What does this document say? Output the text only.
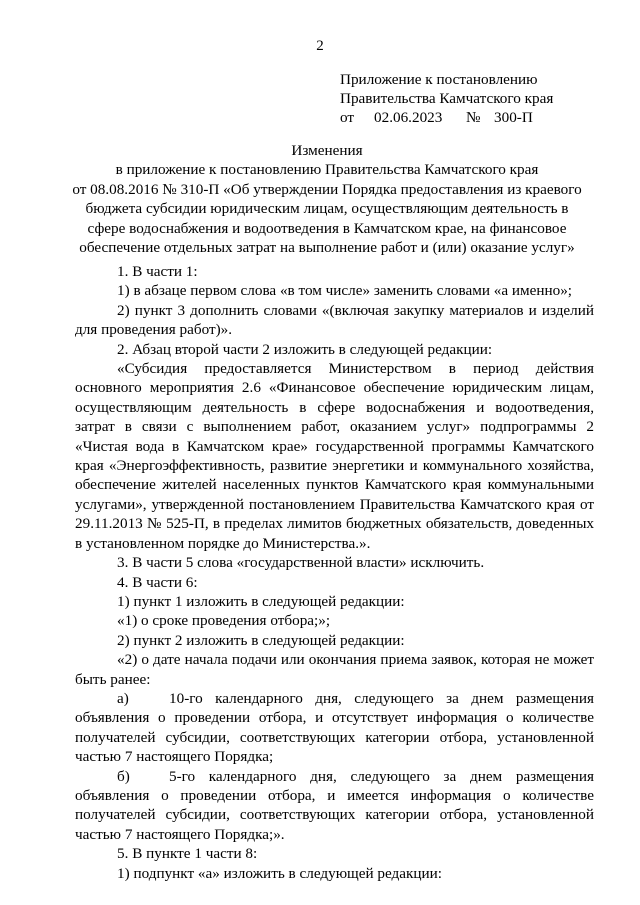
2
Приложение к постановлению
Правительства Камчатского края
от 02.06.2023 № 300-П
Изменения
в приложение к постановлению Правительства Камчатского края
от 08.08.2016 № 310-П «Об утверждении Порядка предоставления из краевого
бюджета субсидии юридическим лицам, осуществляющим деятельность в
сфере водоснабжения и водоотведения в Камчатском крае, на финансовое
обеспечение отдельных затрат на выполнение работ и (или) оказание услуг»

1. В части 1:

1) в абзаце первом слова «в том числе» заменить словами «а именно»;

2) пункт 3 дополнить словами «(включая закупку материалов и изделий для проведения работ)».

2. Абзац второй части 2 изложить в следующей редакции:

«Субсидия предоставляется Министерством в период действия основного мероприятия 2.6 «Финансовое обеспечение юридическим лицам, осуществляющим деятельность в сфере водоснабжения и водоотведения, затрат в связи с выполнением работ, оказанием услуг» подпрограммы 2 «Чистая вода в Камчатском крае» государственной программы Камчатского края «Энергоэффективность, развитие энергетики и коммунального хозяйства, обеспечение жителей населенных пунктов Камчатского края коммунальными услугами», утвержденной постановлением Правительства Камчатского края от 29.11.2013 № 525-П, в пределах лимитов бюджетных обязательств, доведенных в установленном порядке до Министерства.».

3. В части 5 слова «государственной власти» исключить.

4. В части 6:

1) пункт 1 изложить в следующей редакции:

«1) о сроке проведения отбора;»;

2) пункт 2 изложить в следующей редакции:

«2) о дате начала подачи или окончания приема заявок, которая не может быть ранее:

а)	10-го календарного дня, следующего за днем размещения объявления о проведении отбора, и отсутствует информация о количестве получателей субсидии, соответствующих категории отбора, установленной частью 7 настоящего Порядка;

б)	5-го календарного дня, следующего за днем размещения объявления о проведении отбора, и имеется информация о количестве получателей субсидии, соответствующих категории отбора, установленной частью 7 настоящего Порядка;».

5. В пункте 1 части 8:

1) подпункт «а» изложить в следующей редакции:
